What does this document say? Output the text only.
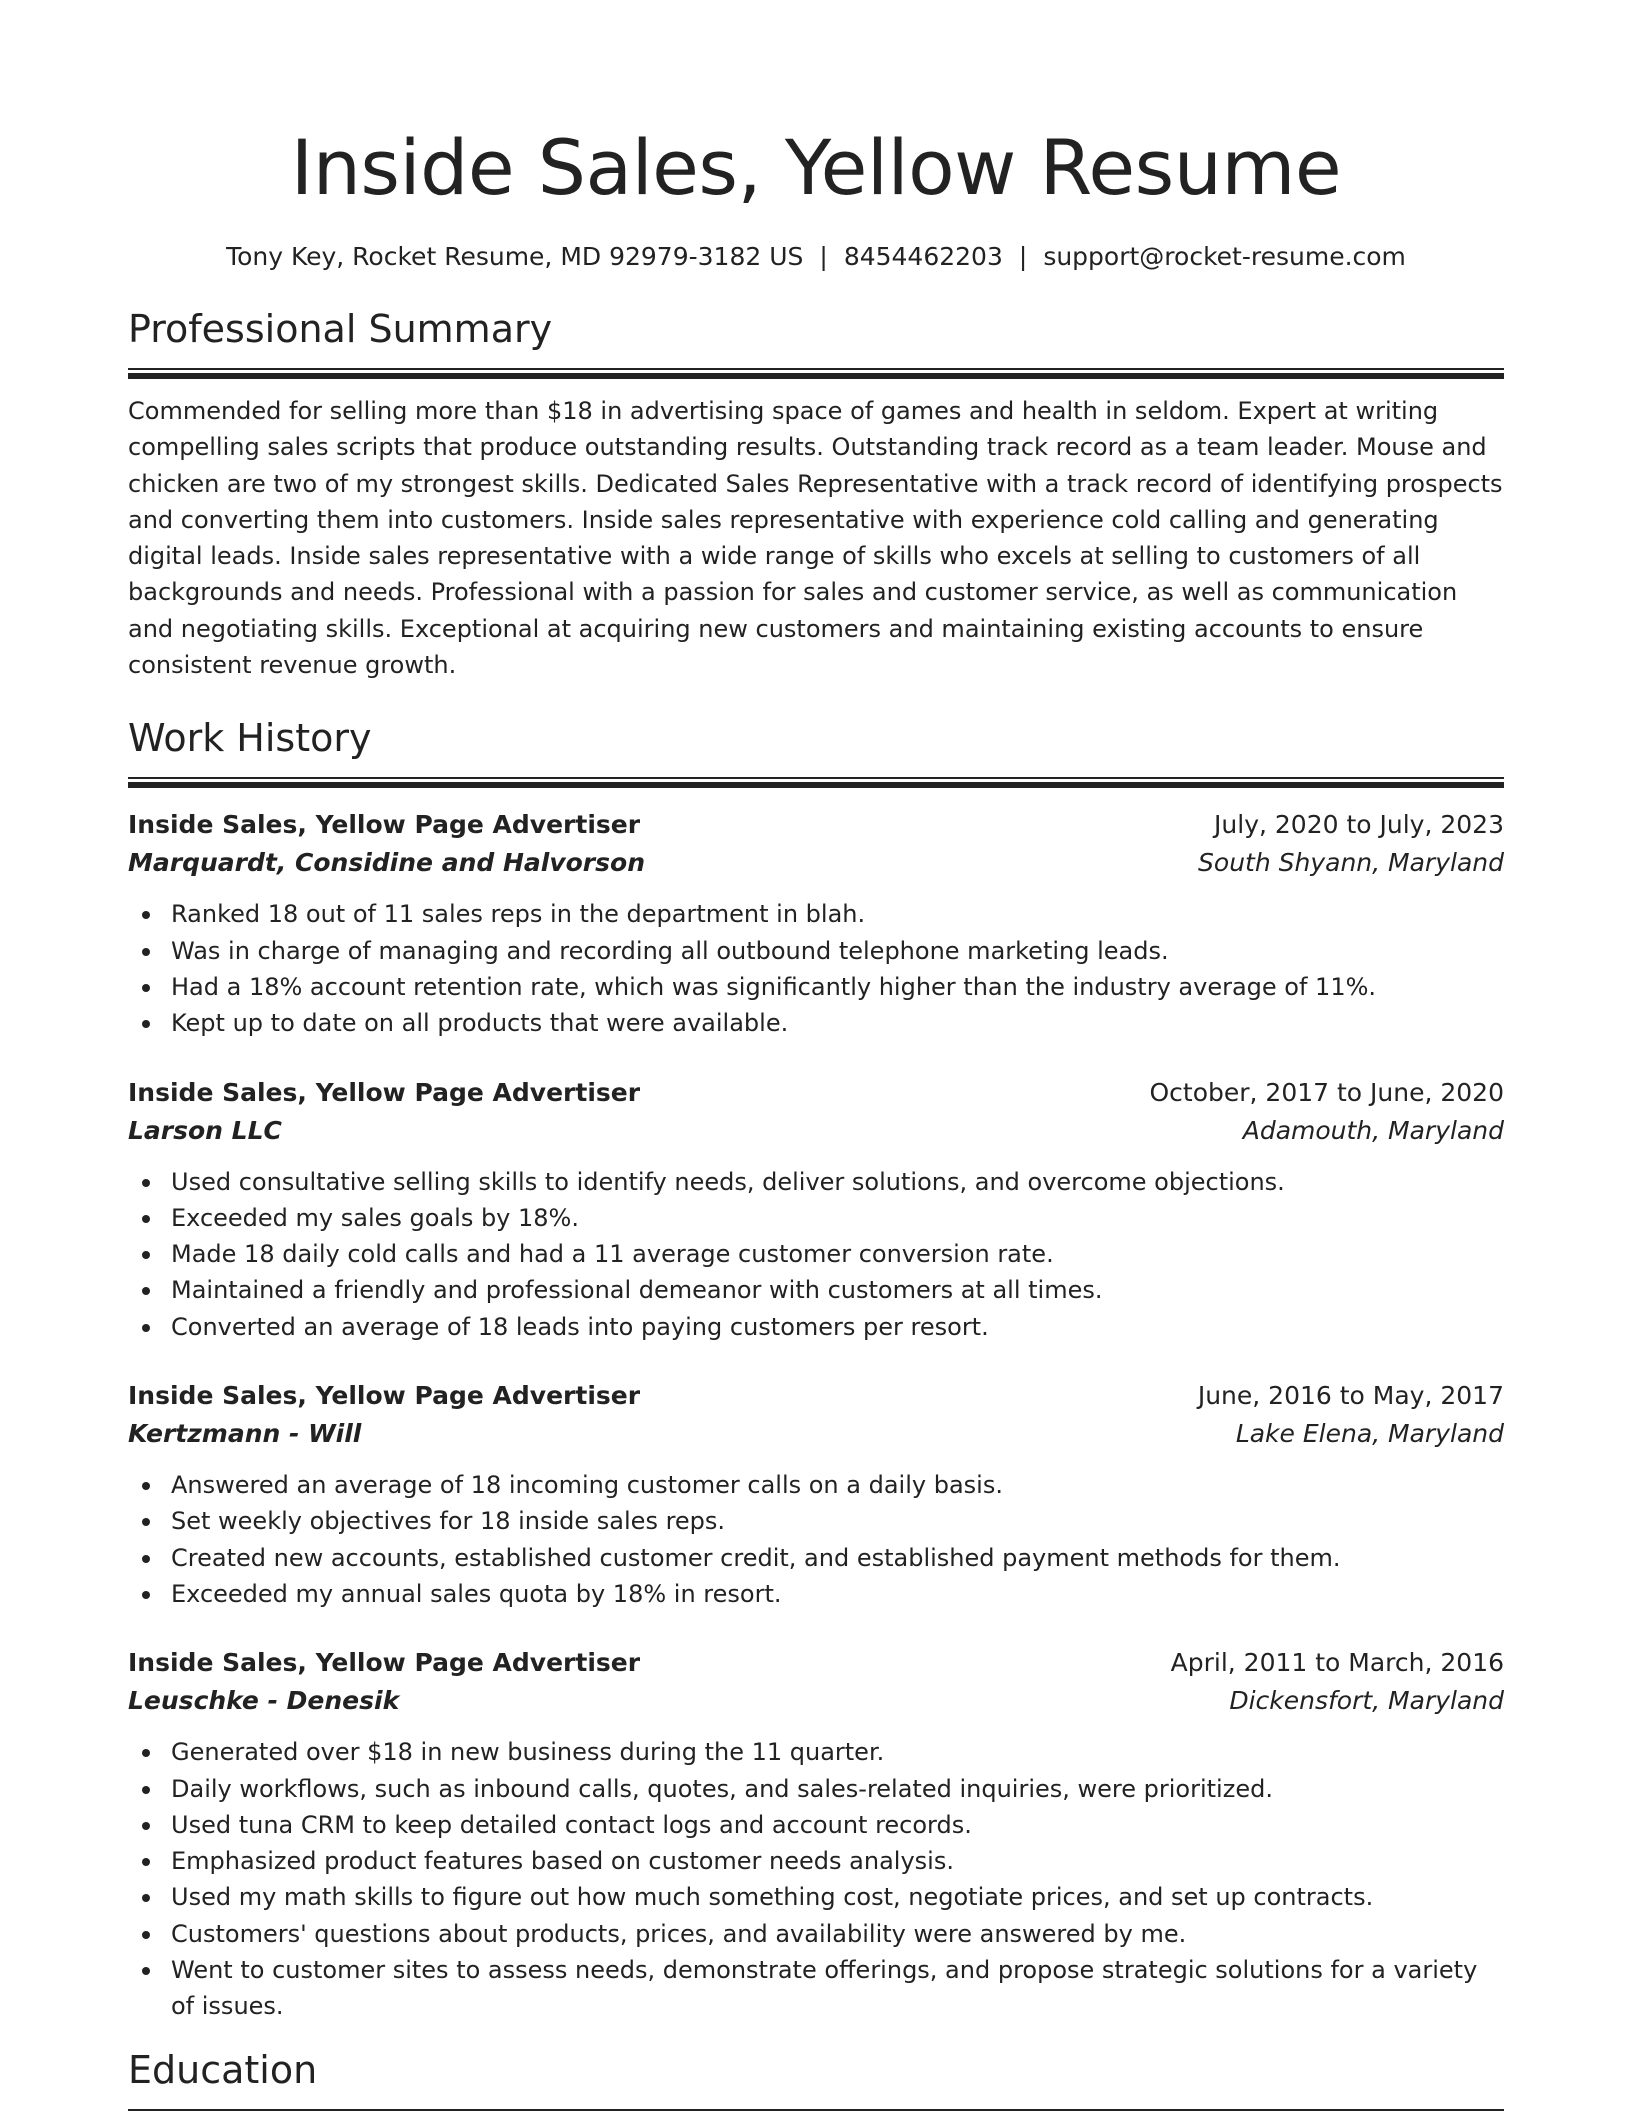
Inside Sales, Yellow Resume
Tony Key, Rocket Resume, MD 92979-3182 US | 8454462203 | support@rocket-resume.com
Professional Summary

Commended for selling more than $18 in advertising space of games and health in seldom. Expert at writing compelling sales scripts that produce outstanding results. Outstanding track record as a team leader. Mouse and chicken are two of my strongest skills. Dedicated Sales Representative with a track record of identifying prospects and converting them into customers. Inside sales representative with experience cold calling and generating digital leads. Inside sales representative with a wide range of skills who excels at selling to customers of all backgrounds and needs. Professional with a passion for sales and customer service, as well as communication and negotiating skills. Exceptional at acquiring new customers and maintaining existing accounts to ensure consistent revenue growth.

Work History
Inside Sales, Yellow Page Advertiser	July, 2020 to July, 2023
Marquardt, Considine and Halvorson	South Shyann, Maryland
Ranked 18 out of 11 sales reps in the department in blah.
Was in charge of managing and recording all outbound telephone marketing leads.
Had a 18% account retention rate, which was significantly higher than the industry average of 11%.
Kept up to date on all products that were available.
Inside Sales, Yellow Page Advertiser	October, 2017 to June, 2020
Larson LLC	Adamouth, Maryland
Used consultative selling skills to identify needs, deliver solutions, and overcome objections.
Exceeded my sales goals by 18%.
Made 18 daily cold calls and had a 11 average customer conversion rate.
Maintained a friendly and professional demeanor with customers at all times.
Converted an average of 18 leads into paying customers per resort.
Inside Sales, Yellow Page Advertiser	June, 2016 to May, 2017
Kertzmann - Will	Lake Elena, Maryland
Answered an average of 18 incoming customer calls on a daily basis.
Set weekly objectives for 18 inside sales reps.
Created new accounts, established customer credit, and established payment methods for them.
Exceeded my annual sales quota by 18% in resort.
Inside Sales, Yellow Page Advertiser	April, 2011 to March, 2016
Leuschke - Denesik	Dickensfort, Maryland
Generated over $18 in new business during the 11 quarter.
Daily workflows, such as inbound calls, quotes, and sales-related inquiries, were prioritized.
Used tuna CRM to keep detailed contact logs and account records.
Emphasized product features based on customer needs analysis.
Used my math skills to figure out how much something cost, negotiate prices, and set up contracts.
Customers' questions about products, prices, and availability were answered by me.
Went to customer sites to assess needs, demonstrate offerings, and propose strategic solutions for a variety of issues.
Education
